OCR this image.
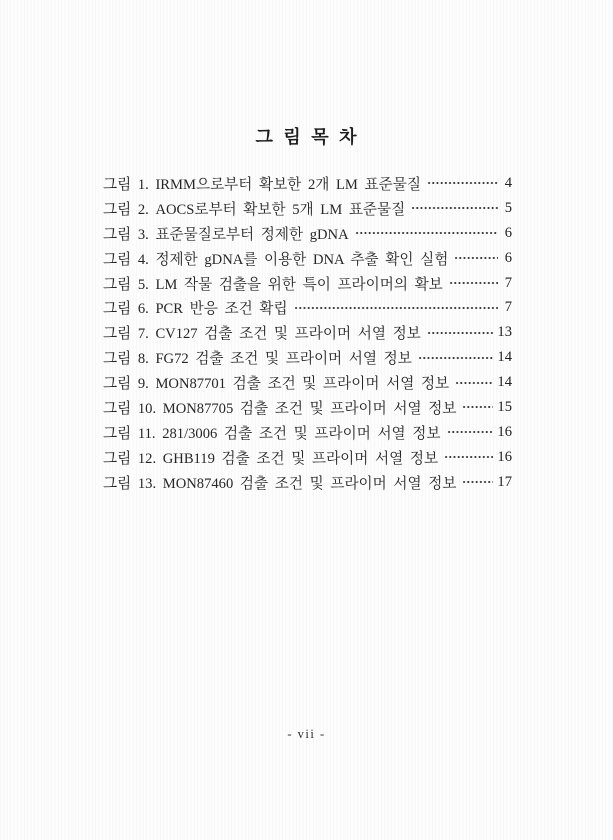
그 림 목 차
그림 1. IRMM으로부터 확보한 2개 LM 표준물질	4
그림 2. AOCS로부터 확보한 5개 LM 표준물질	5
그림 3. 표준물질로부터 정제한 gDNA	6
그림 4. 정제한 gDNA를 이용한 DNA 추출 확인 실험	6
그림 5. LM 작물 검출을 위한 특이 프라이머의 확보	7
그림 6. PCR 반응 조건 확립	7
그림 7. CV127 검출 조건 및 프라이머 서열 정보	13
그림 8. FG72 검출 조건 및 프라이머 서열 정보	14
그림 9. MON87701 검출 조건 및 프라이머 서열 정보	14
그림 10. MON87705 검출 조건 및 프라이머 서열 정보	15
그림 11. 281/3006 검출 조건 및 프라이머 서열 정보	16
그림 12. GHB119 검출 조건 및 프라이머 서열 정보	16
그림 13. MON87460 검출 조건 및 프라이머 서열 정보	17
- vii -
